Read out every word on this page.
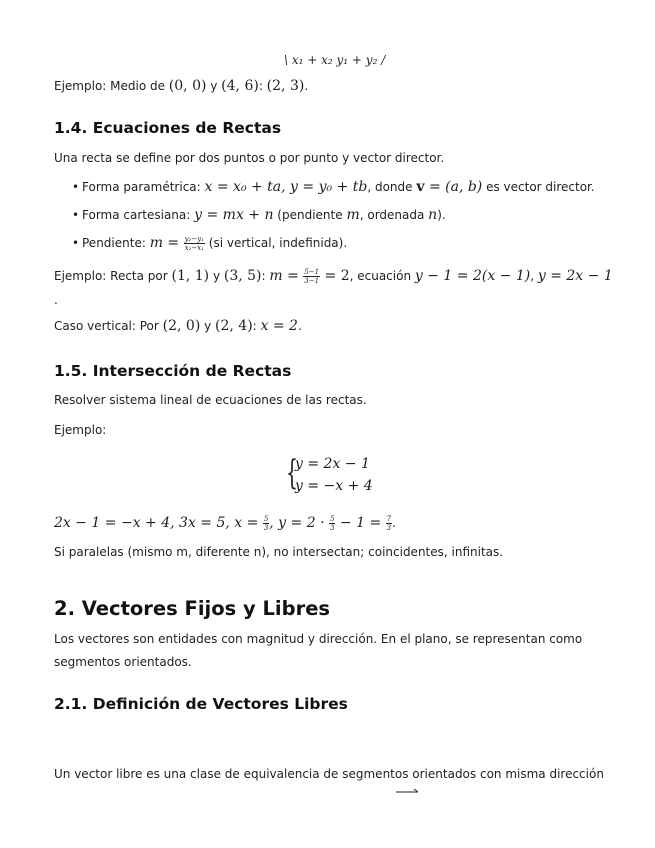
\ x₁ + x₂ y₁ + y₂ /
Ejemplo: Medio de (0, 0) y (4, 6): (2, 3).
1.4. Ecuaciones de Rectas
Una recta se define por dos puntos o por punto y vector director.
• Forma paramétrica: x = x₀ + ta, y = y₀ + tb, donde v = (a, b) es vector director.
• Forma cartesiana: y = mx + n (pendiente m, ordenada n).
• Pendiente: $m = \frac{\text{y₂−y₁}}{\text{x₂−x₁}} (si$ vertical, indefinida).
Ejemplo: Recta por (1, 1) y (3, 5): $m = \frac{5-1}{3-1} = 2$, ecuación y − 1 = 2(x − 1), y = 2x − 1
.
Caso vertical: Por (2, 0) y (2, 4): x = 2.
1.5. Intersección de Rectas
Resolver sistema lineal de ecuaciones de las rectas.
Ejemplo:
{
y = 2x − 1
y = −x + 4
2x − 1 = −x + 4, 3x = 5, $x = \frac{5}{3}$ , $y = 2 \cdot \frac{5}{3} - 1 = \frac{7}{3}$ .
Si paralelas (mismo m, diferente n), no intersectan; coincidentes, infinitas.
2. Vectores Fijos y Libres
Los vectores son entidades con magnitud y dirección. En el plano, se representan como
segmentos orientados.
2.1. Definición de Vectores Libres
Un vector libre es una clase de equivalencia de segmentos orientados con misma dirección
